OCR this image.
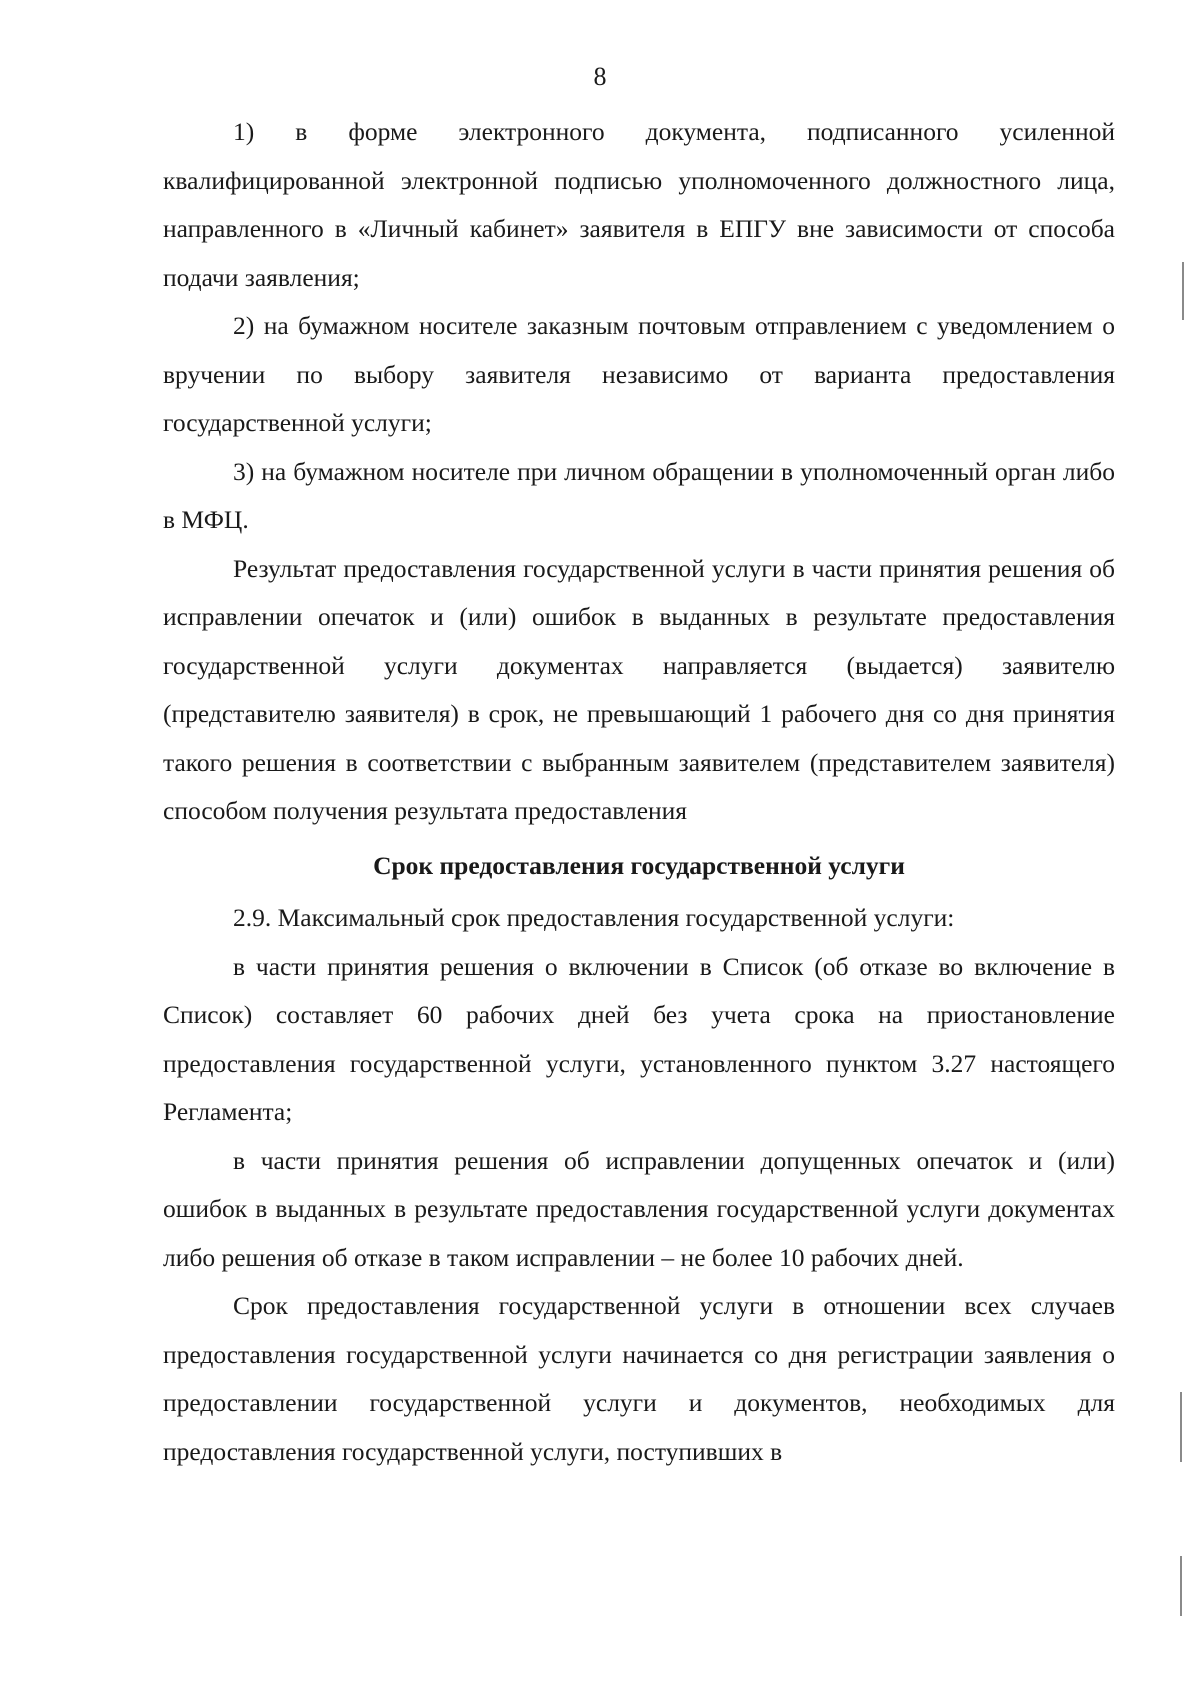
8

1) в форме электронного документа, подписанного усиленной квалифицированной электронной подписью уполномоченного должностного лица, направленного в «Личный кабинет» заявителя в ЕПГУ вне зависимости от способа подачи заявления;

2) на бумажном носителе заказным почтовым отправлением с уведомлением о вручении по выбору заявителя независимо от варианта предоставления государственной услуги;

3) на бумажном носителе при личном обращении в уполномоченный орган либо в МФЦ.

Результат предоставления государственной услуги в части принятия решения об исправлении опечаток и (или) ошибок в выданных в результате предоставления государственной услуги документах направляется (выдается) заявителю (представителю заявителя) в срок, не превышающий 1 рабочего дня со дня принятия такого решения в соответствии с выбранным заявителем (представителем заявителя) способом получения результата предоставления

Срок предоставления государственной услуги

2.9. Максимальный срок предоставления государственной услуги:

в части принятия решения о включении в Список (об отказе во включение в Список) составляет 60 рабочих дней без учета срока на приостановление предоставления государственной услуги, установленного пунктом 3.27 настоящего Регламента;

в части принятия решения об исправлении допущенных опечаток и (или) ошибок в выданных в результате предоставления государственной услуги документах либо решения об отказе в таком исправлении – не более 10 рабочих дней.

Срок предоставления государственной услуги в отношении всех случаев предоставления государственной услуги начинается со дня регистрации заявления о предоставлении государственной услуги и документов, необходимых для предоставления государственной услуги, поступивших в
